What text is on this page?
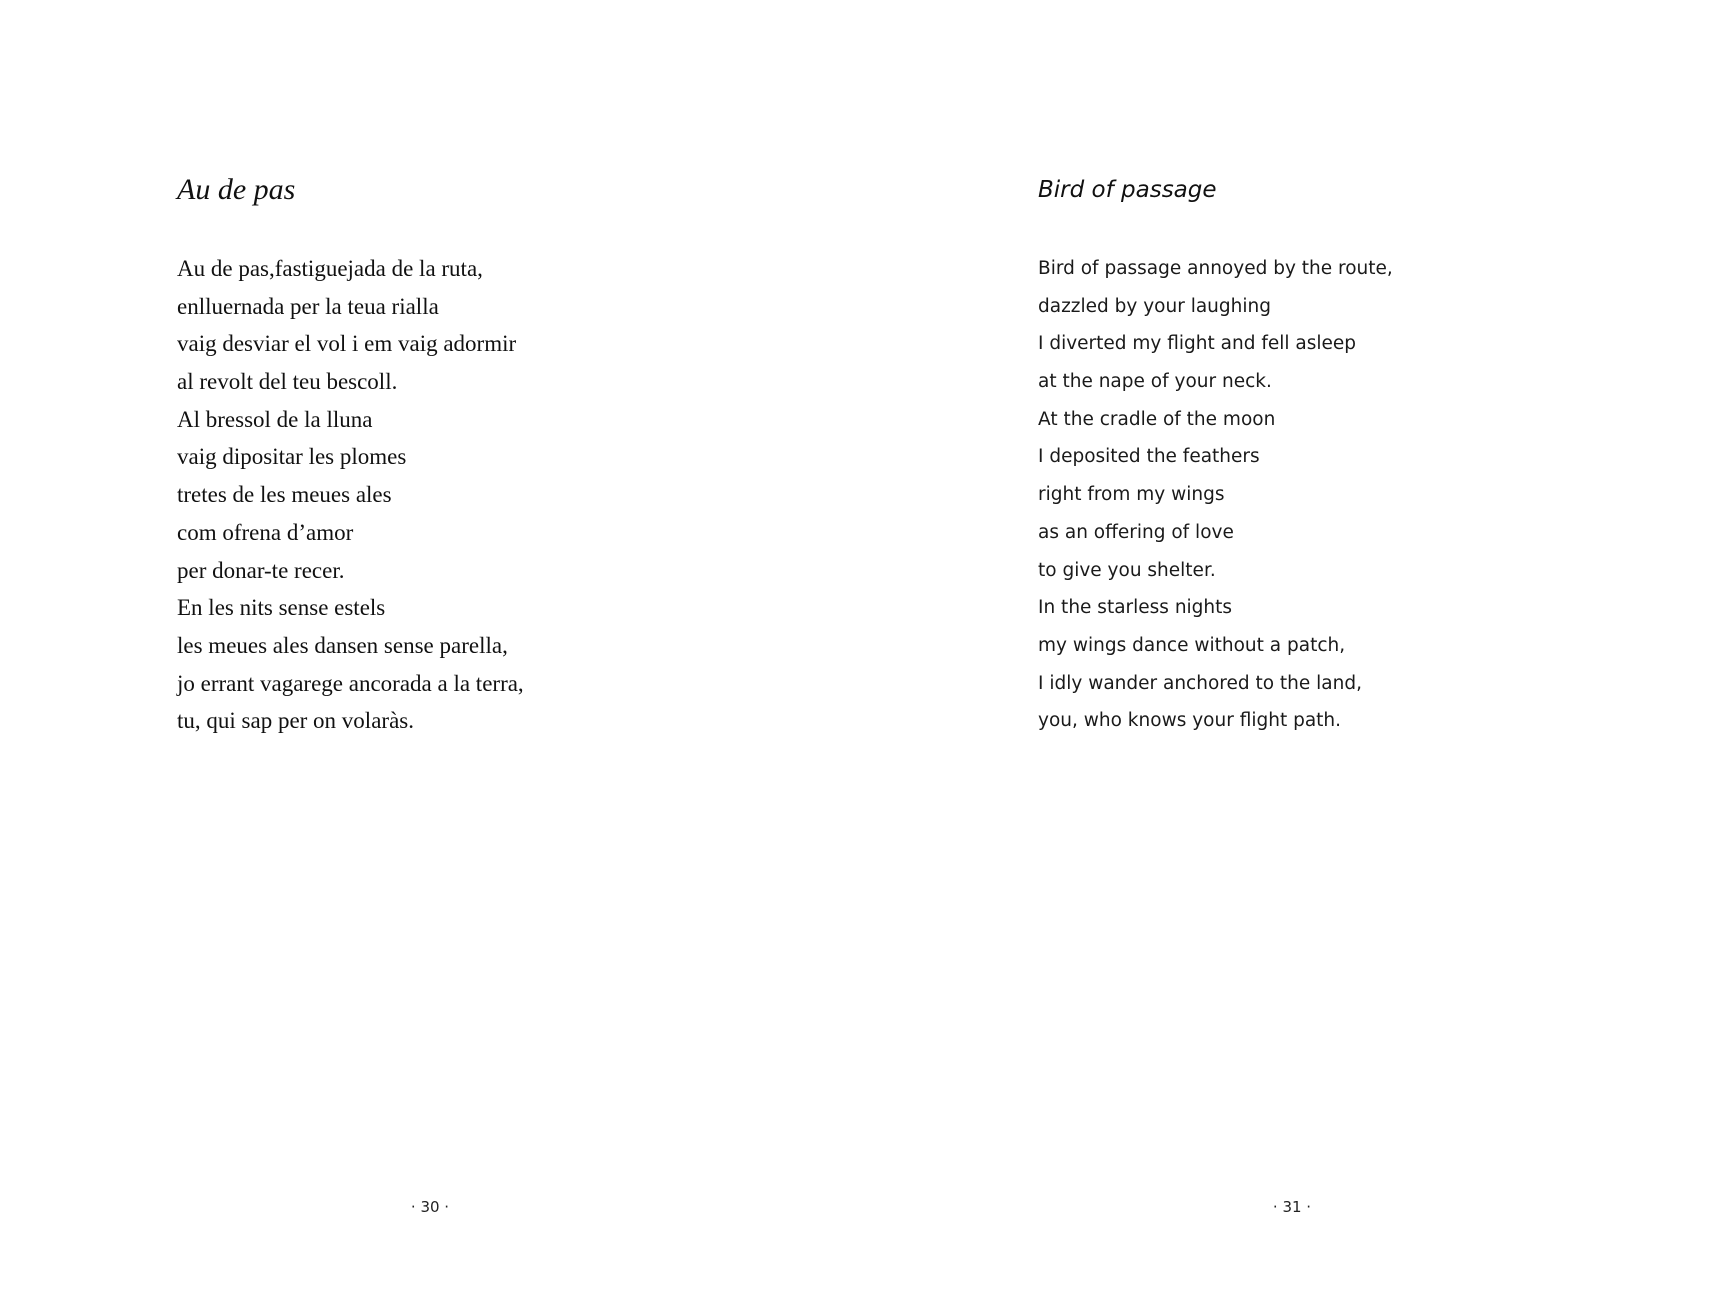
Au de pas
Au de pas,fastiguejada de la ruta,
enlluernada per la teua rialla
vaig desviar el vol i em vaig adormir
al revolt del teu bescoll.
Al bressol de la lluna
vaig dipositar les plomes
tretes de les meues ales
com ofrena d’amor
per donar-te recer.
En les nits sense estels
les meues ales dansen sense parella,
jo errant vagarege ancorada a la terra,
tu, qui sap per on volaràs.
· 30 ·
Bird of passage
Bird of passage annoyed by the route,
dazzled by your laughing
I diverted my flight and fell asleep
at the nape of your neck.
At the cradle of the moon
I deposited the feathers
right from my wings
as an offering of love
to give you shelter.
In the starless nights
my wings dance without a patch,
I idly wander anchored to the land,
you, who knows your flight path.
· 31 ·
